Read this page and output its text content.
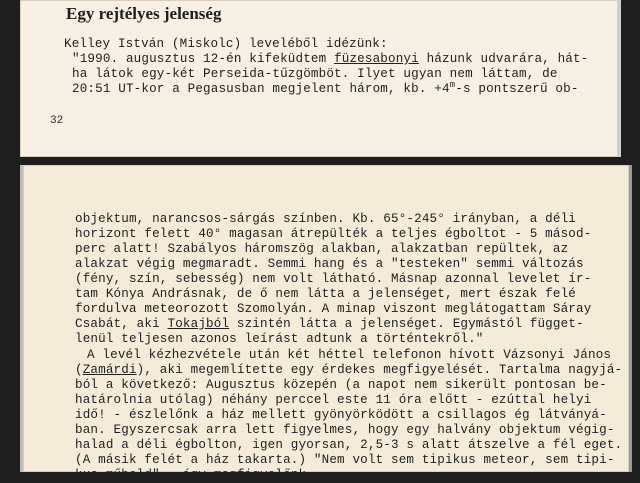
Egy rejtélyes jelenség
Kelley István (Miskolc) leveléből idézünk:
"1990. augusztus 12-én kifeküdtem füzesabonyi házunk udvarára, hát-
ha látok egy-két Perseida-tűzgömböt. Ilyet ugyan nem láttam, de
20:51 UT-kor a Pegasusban megjelent három, kb. $+4^m-s$ pontszerű ob-
32
objektum, narancsos-sárgás színben. Kb. 65°-245° irányban, a déli
horizont felett 40° magasan átrepülték a teljes égboltot - 5 másod-
perc alatt! Szabályos háromszög alakban, alakzatban repültek, az
alakzat végig megmaradt. Semmi hang és a "testeken" semmi változás
(fény, szín, sebesség) nem volt látható. Másnap azonnal levelet ír-
tam Kónya Andrásnak, de ő nem látta a jelenséget, mert észak felé
fordulva meteorozott Szomolyán. A minap viszont meglátogattam Sáray
Csabát, aki Tokajból szintén látta a jelenséget. Egymástól függet-
lenül teljesen azonos leírást adtunk a történtekről."
A levél kézhezvétele után két héttel telefonon hívott Vázsonyi János
(Zamárdi), aki megemlítette egy érdekes megfigyelését. Tartalma nagyjá-
ból a következő: Augusztus közepén (a napot nem sikerült pontosan be-
határolnia utólag) néhány perccel este 11 óra előtt - ezúttal helyi
idő! - észlelőnk a ház mellett gyönyörködött a csillagos ég látványá-
ban. Egyszercsak arra lett figyelmes, hogy egy halvány objektum végig-
halad a déli égbolton, igen gyorsan, 2,5-3 s alatt átszelve a fél eget.
(A másik felét a ház takarta.) "Nem volt sem tipikus meteor, sem tipi-
kus műhold" - így megfigyelőnk.
